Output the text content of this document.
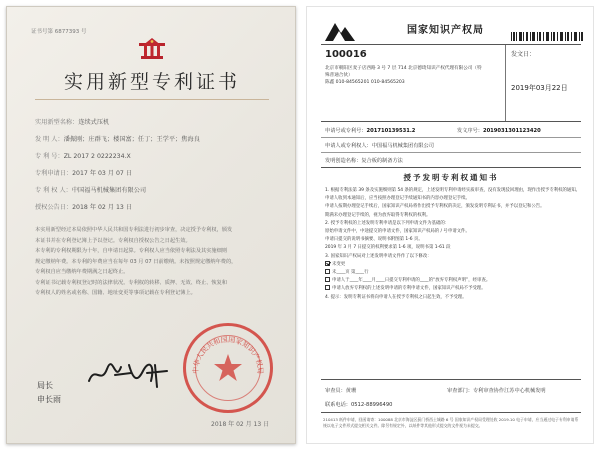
证书号第 6877393 号
实用新型专利证书
实用新型名称：连续式压机
发 明 人：潘振刚；庄群飞；楼国富；任丁；王学平；焦海良
专 利 号：ZL 2017 2 0222234.X
专利申请日：2017 年 03 月 07 日
专 利 权 人：中国福马机械集团有限公司
授权公告日：2018 年 02 月 13 日
本实用新型经过本局依照中华人民共和国专利法进行初步审查，决定授予专利权，颁发
本证书并在专利登记簿上予以登记。专利权自授权公告之日起生效。
本专利的专利权期限为十年，自申请日起算。专利权人应当依照专利法及其实施细则
规定缴纳年费。本专利的年费应当在每年 03 月 07 日前缴纳。未按照规定缴纳年费的，
专利权自应当缴纳年费期满之日起终止。
专利证书记载专利权登记时的法律状况。专利权的转移、质押、无效、终止、恢复和
专利权人的姓名或名称、国籍、地址变更等事项记载在专利登记簿上。
中华人民共和国国家知识产权局
局长
申长雨
2018 年 02 月 13 日
国家知识产权局
100016
北京市朝阳区麦子店西路 3 号 7 层 714 北京德琦知识产权代理有限公司（特殊普通合伙）
陈鑫 010-84565201 010-84565203
发文日：
2019年03月22日
申请号或专利号：201710139531.2	发文序号：2019031301123420
申请人或专利权人：中国福马机械集团有限公司
发明创造名称：复合板的制备方法
授予发明专利权通知书
1. 根据专利法第 39 条及实施细则第 54 条的规定，上述发明专利申请经实质审查，没有发现驳回理由，现作出授予专利权的通知。
申请人收到本通知后，应当按照办理登记手续通知书的内容办理登记手续。
申请人按期办理登记手续后，国家知识产权局将作出授予专利权的决定，颁发发明专利证书，并予以登记和公告。
期满未办理登记手续的，视为放弃取得专利权的权利。
2. 授予专利权的上述发明专利申请是以下列申请文件为基础的：
原始申请文件中，中途提交的申请文件，国家知识产权局的 / 号申请文件。
申请日提交的说明书摘要、说明书附图第 1-6 页。
2019 年 3 月 7 日提交的权利要求第 1-6 项，说明书第 1-61 段
3. 国家知识产权局对上述发明申请文件作了以下修改：
未变更
未____页 第____行
申请人于____年____月____日提交专利申请的____的“放弃专利权声明”，经审查。
申请人放弃专利权的上述发明申请的专利申请文件，国家知识产权局不予受理。
4. 提示：发明专利证书将向申请人在授予专利权之日起生效，不予受理。
审查员：黄珊	审查部门：专利审查协作江苏中心机械发明
联系电话：0512-88996490
210413 纸件申请，回函请寄：100088 北京市海淀区蓟门桥西土城路 6 号 国家知识产权局受理处收 2019.10 电子申请，应当通过电子专利申请系统以电子文件形式提交相关文件。除另有规定外，以纸件等其他形式提交的文件视为未提交。
